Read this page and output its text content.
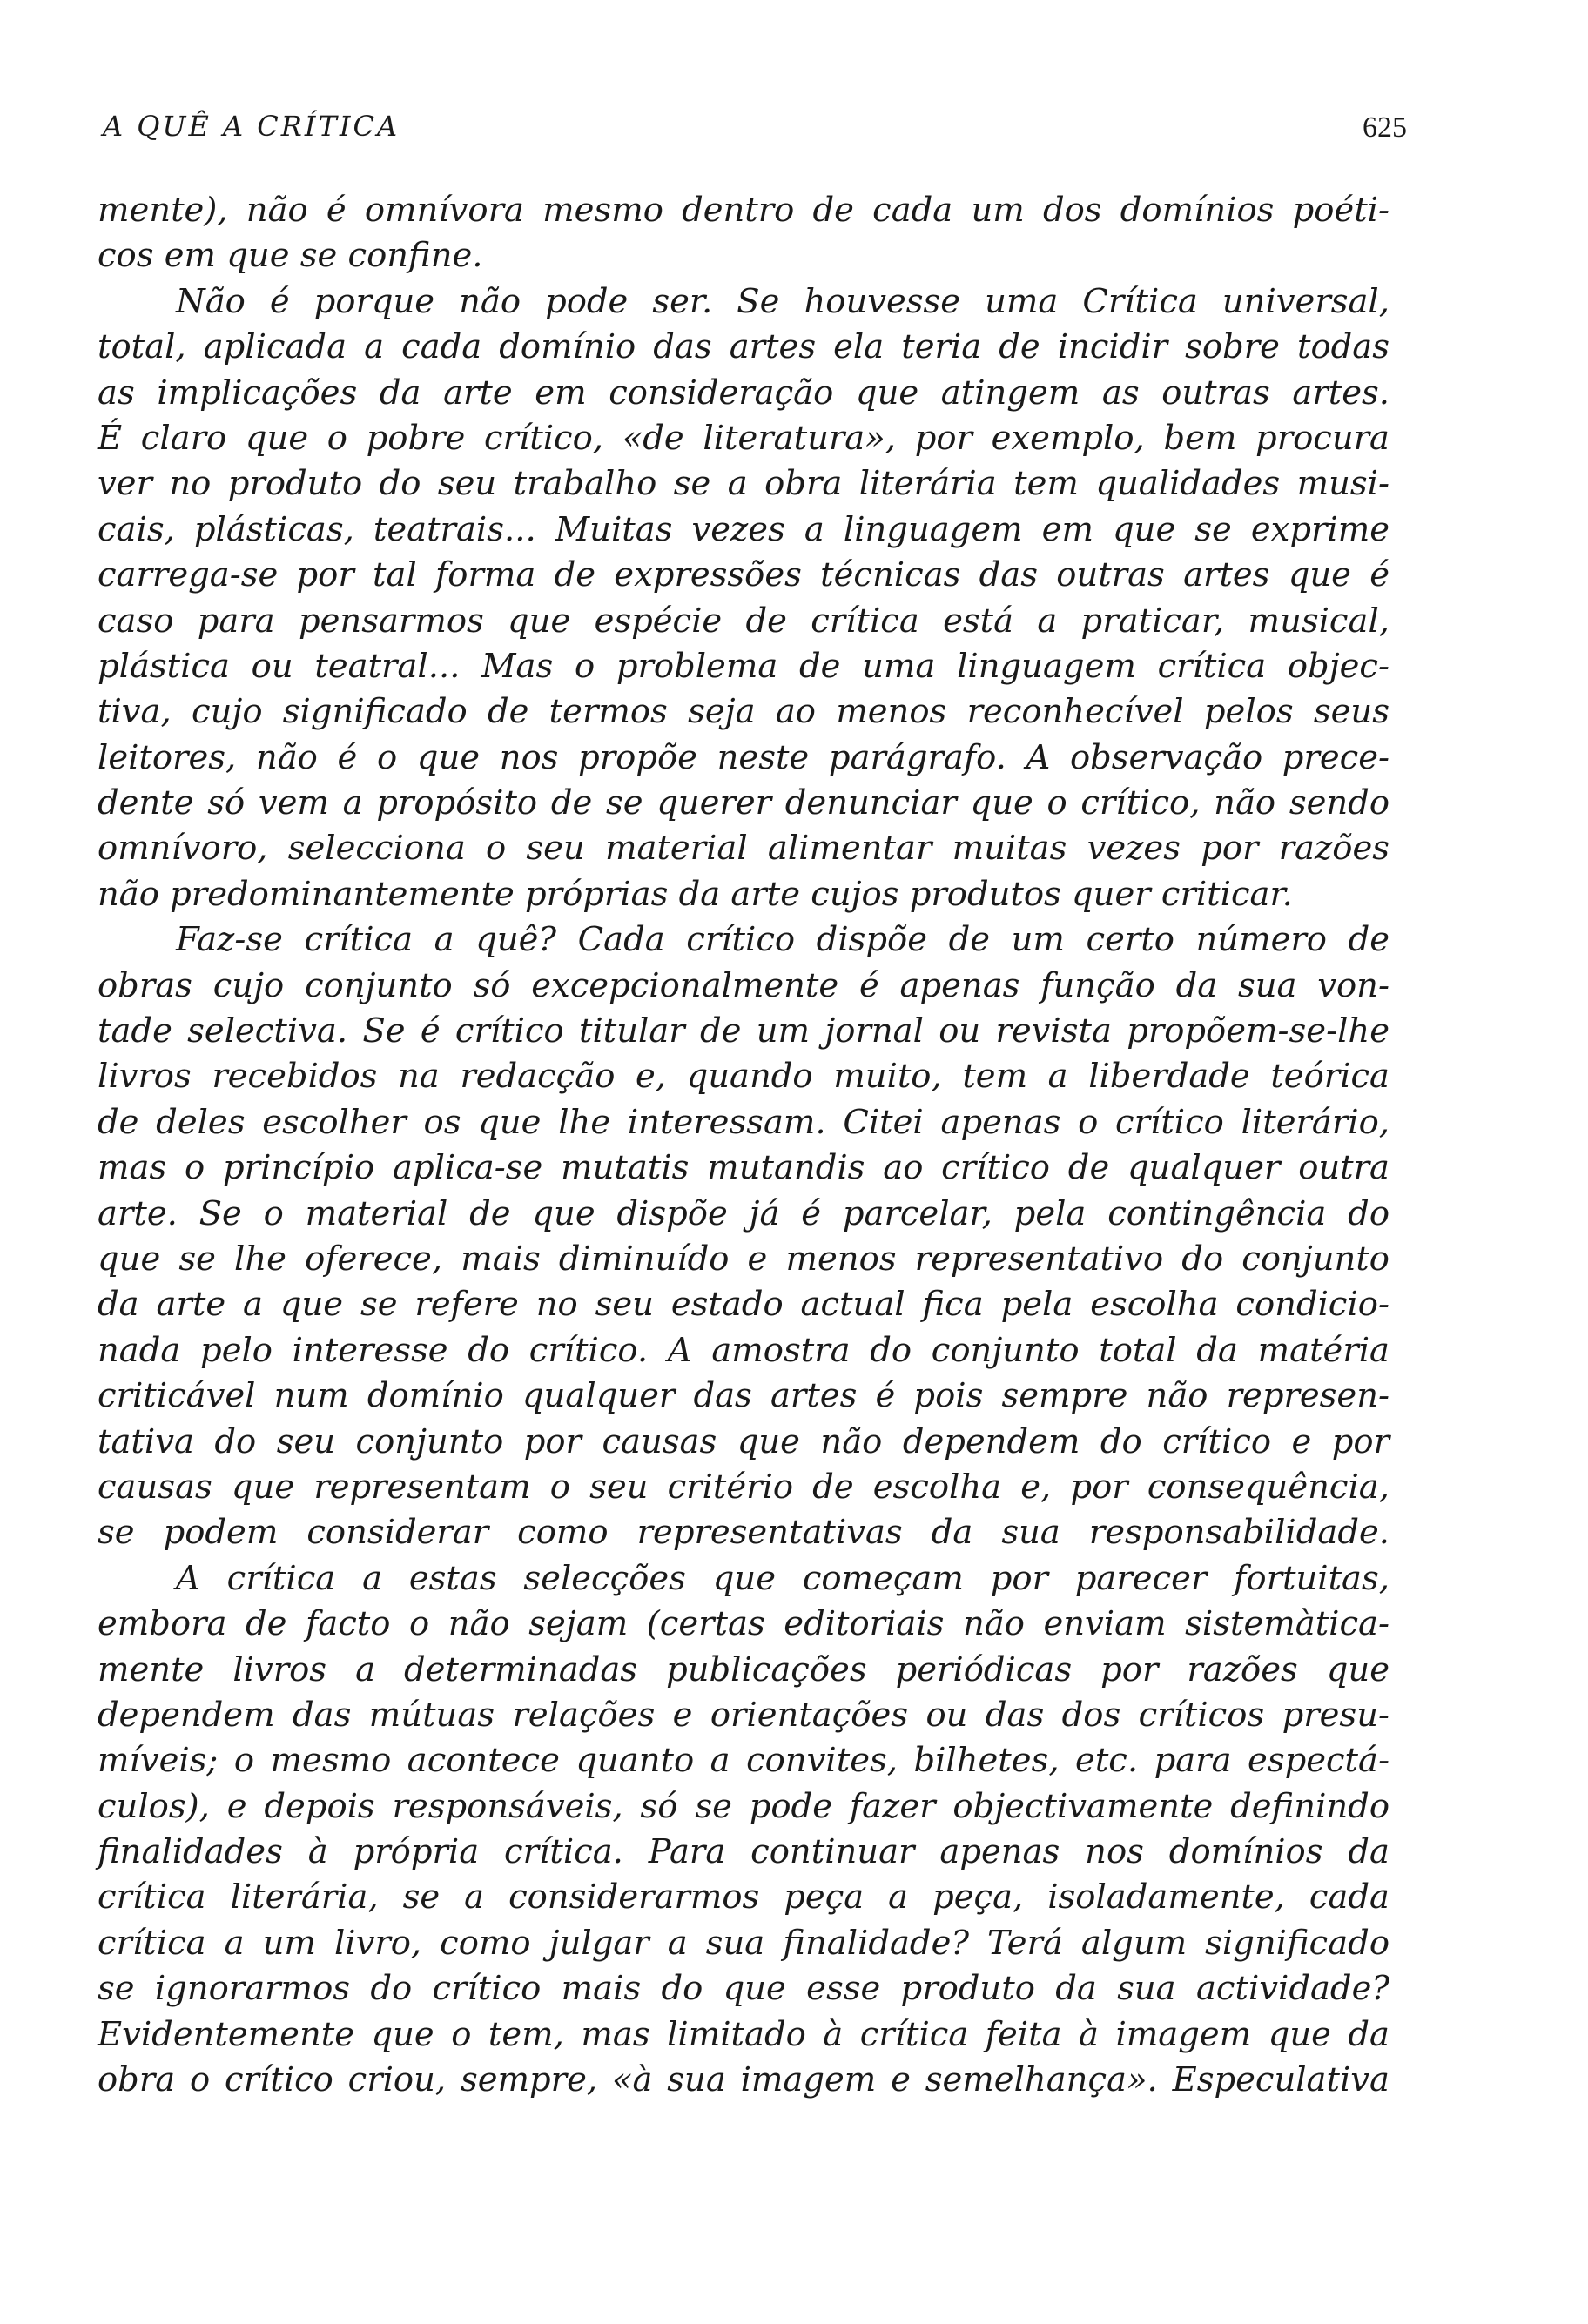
A QUÊ A CRÍTICA	625
mente), não é omnívora mesmo dentro de cada um dos domínios poéti-
cos em que se confine.
Não é porque não pode ser. Se houvesse uma Crítica universal,
total, aplicada a cada domínio das artes ela teria de incidir sobre todas
as implicações da arte em consideração que atingem as outras artes.
É claro que o pobre crítico, «de literatura», por exemplo, bem procura
ver no produto do seu trabalho se a obra literária tem qualidades musi-
cais, plásticas, teatrais... Muitas vezes a linguagem em que se exprime
carrega-se por tal forma de expressões técnicas das outras artes que é
caso para pensarmos que espécie de crítica está a praticar, musical,
plástica ou teatral... Mas o problema de uma linguagem crítica objec-
tiva, cujo significado de termos seja ao menos reconhecível pelos seus
leitores, não é o que nos propõe neste parágrafo. A observação prece-
dente só vem a propósito de se querer denunciar que o crítico, não sendo
omnívoro, selecciona o seu material alimentar muitas vezes por razões
não predominantemente próprias da arte cujos produtos quer criticar.
Faz-se crítica a quê? Cada crítico dispõe de um certo número de
obras cujo conjunto só excepcionalmente é apenas função da sua von-
tade selectiva. Se é crítico titular de um jornal ou revista propõem-se-lhe
livros recebidos na redacção e, quando muito, tem a liberdade teórica
de deles escolher os que lhe interessam. Citei apenas o crítico literário,
mas o princípio aplica-se mutatis mutandis ao crítico de qualquer outra
arte. Se o material de que dispõe já é parcelar, pela contingência do
que se lhe oferece, mais diminuído e menos representativo do conjunto
da arte a que se refere no seu estado actual fica pela escolha condicio-
nada pelo interesse do crítico. A amostra do conjunto total da matéria
criticável num domínio qualquer das artes é pois sempre não represen-
tativa do seu conjunto por causas que não dependem do crítico e por
causas que representam o seu critério de escolha e, por consequência,
se podem considerar como representativas da sua responsabilidade.
A crítica a estas selecções que começam por parecer fortuitas,
embora de facto o não sejam (certas editoriais não enviam sistemàtica-
mente livros a determinadas publicações periódicas por razões que
dependem das mútuas relações e orientações ou das dos críticos presu-
míveis; o mesmo acontece quanto a convites, bilhetes, etc. para espectá-
culos), e depois responsáveis, só se pode fazer objectivamente definindo
finalidades à própria crítica. Para continuar apenas nos domínios da
crítica literária, se a considerarmos peça a peça, isoladamente, cada
crítica a um livro, como julgar a sua finalidade? Terá algum significado
se ignorarmos do crítico mais do que esse produto da sua actividade?
Evidentemente que o tem, mas limitado à crítica feita à imagem que da
obra o crítico criou, sempre, «à sua imagem e semelhança». Especulativa
